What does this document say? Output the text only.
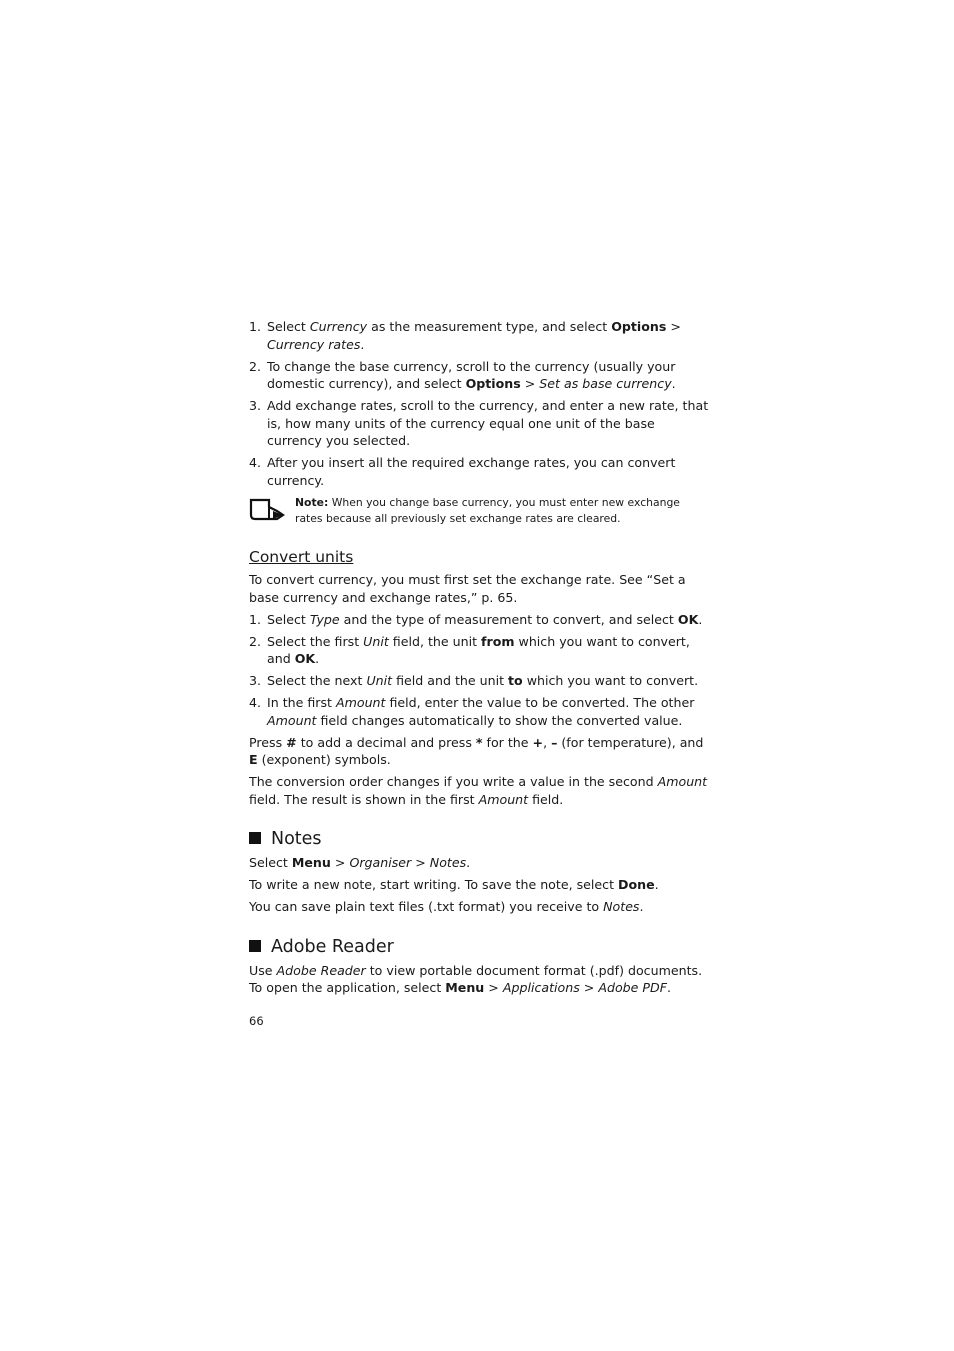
1. Select Currency as the measurement type, and select Options > Currency rates.
2. To change the base currency, scroll to the currency (usually your domestic currency), and select Options > Set as base currency.
3. Add exchange rates, scroll to the currency, and enter a new rate, that is, how many units of the currency equal one unit of the base currency you selected.
4. After you insert all the required exchange rates, you can convert currency.
Note: When you change base currency, you must enter new exchange rates because all previously set exchange rates are cleared.
Convert units

To convert currency, you must first set the exchange rate. See “Set a base currency and exchange rates,” p. 65.

1. Select Type and the type of measurement to convert, and select OK.
2. Select the first Unit field, the unit from which you want to convert, and OK.
3. Select the next Unit field and the unit to which you want to convert.
4. In the first Amount field, enter the value to be converted. The other Amount field changes automatically to show the converted value.

Press # to add a decimal and press * for the +, – (for temperature), and E (exponent) symbols.

The conversion order changes if you write a value in the second Amount field. The result is shown in the first Amount field.

Notes

Select Menu > Organiser > Notes.

To write a new note, start writing. To save the note, select Done.

You can save plain text files (.txt format) you receive to Notes.

Adobe Reader

Use Adobe Reader to view portable document format (.pdf) documents. To open the application, select Menu > Applications > Adobe PDF.

66
